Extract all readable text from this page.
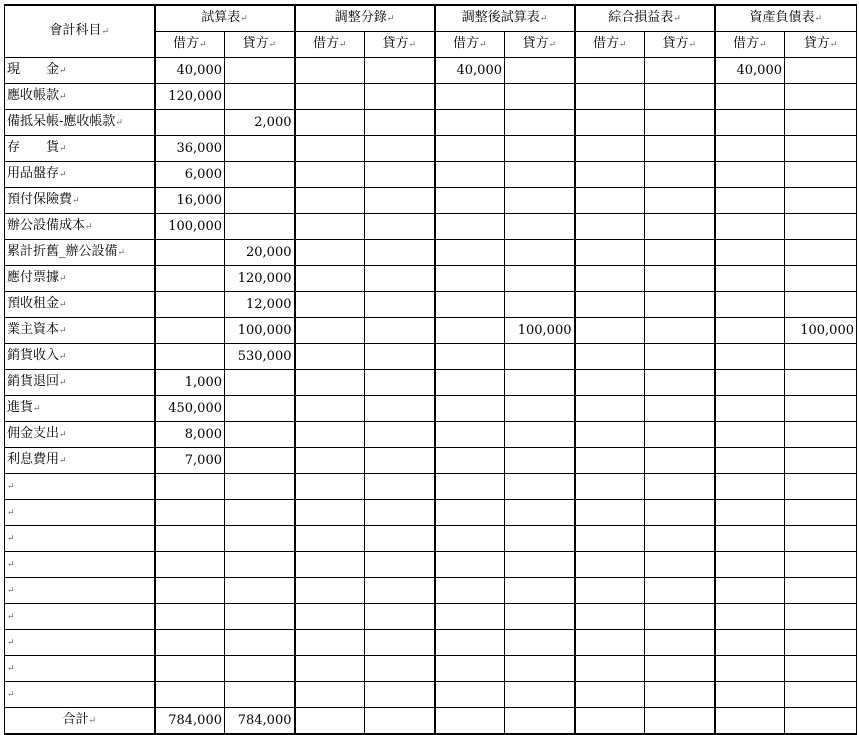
會計科目↵	試算表↵		調整分錄↵		調整後試算表↵		綜合損益表↵		資產負債表↵	
	借方↵	貸方↵	借方↵	貸方↵	借方↵	貸方↵	借方↵	貸方↵	借方↵	貸方↵
現　　金↵	40,000				40,000				40,000	
應收帳款↵	120,000									
備抵呆帳-應收帳款↵		2,000								
存　　貨↵	36,000									
用品盤存↵	6,000									
預付保險費↵	16,000									
辦公設備成本↵	100,000									
累計折舊_辦公設備↵		20,000								
應付票據↵		120,000								
預收租金↵		12,000								
業主資本↵		100,000				100,000				100,000
銷貨收入↵		530,000								
銷貨退回↵	1,000									
進貨↵	450,000									
佣金支出↵	8,000									
利息費用↵	7,000									
↵										
↵										
↵										
↵										
↵										
↵										
↵										
↵										
↵										
合計↵	784,000	784,000								
